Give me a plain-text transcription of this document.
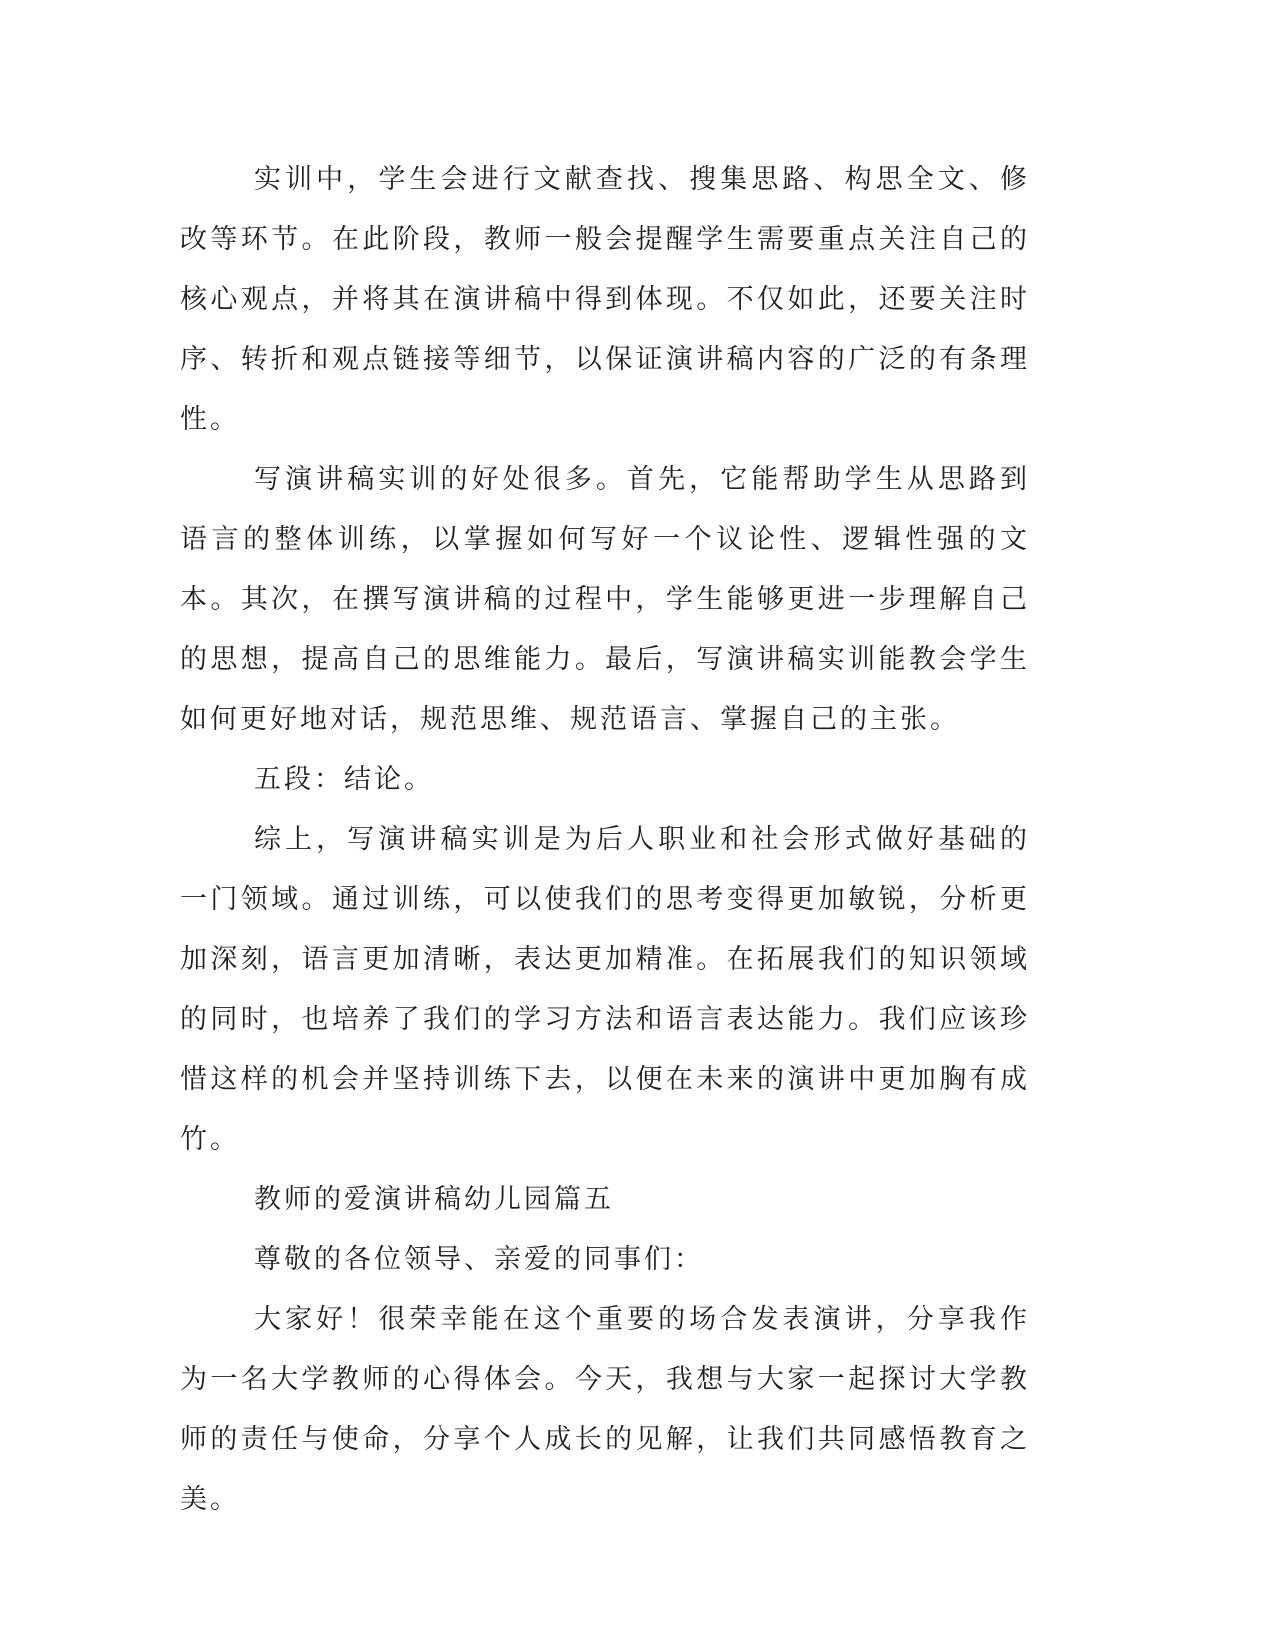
实训中，学生会进行文献查找、搜集思路、构思全文、修改等环节。在此阶段，教师一般会提醒学生需要重点关注自己的核心观点，并将其在演讲稿中得到体现。不仅如此，还要关注时序、转折和观点链接等细节，以保证演讲稿内容的广泛的有条理性。

写演讲稿实训的好处很多。首先，它能帮助学生从思路到语言的整体训练，以掌握如何写好一个议论性、逻辑性强的文本。其次，在撰写演讲稿的过程中，学生能够更进一步理解自己的思想，提高自己的思维能力。最后，写演讲稿实训能教会学生如何更好地对话，规范思维、规范语言、掌握自己的主张。

五段：结论。

综上，写演讲稿实训是为后人职业和社会形式做好基础的一门领域。通过训练，可以使我们的思考变得更加敏锐，分析更加深刻，语言更加清晰，表达更加精准。在拓展我们的知识领域的同时，也培养了我们的学习方法和语言表达能力。我们应该珍惜这样的机会并坚持训练下去，以便在未来的演讲中更加胸有成竹。

教师的爱演讲稿幼儿园篇五

尊敬的各位领导、亲爱的同事们：

大家好！很荣幸能在这个重要的场合发表演讲，分享我作为一名大学教师的心得体会。今天，我想与大家一起探讨大学教师的责任与使命，分享个人成长的见解，让我们共同感悟教育之美。
